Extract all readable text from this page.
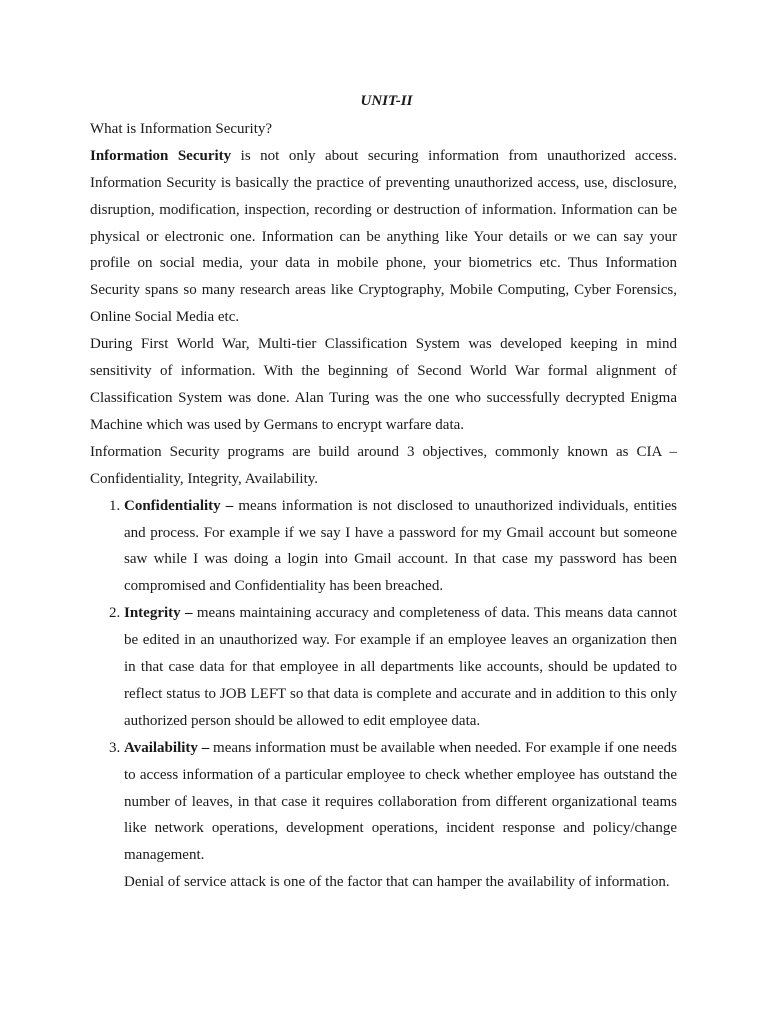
UNIT-II

What is Information Security?

Information Security is not only about securing information from unauthorized access. Information Security is basically the practice of preventing unauthorized access, use, disclosure, disruption, modification, inspection, recording or destruction of information. Information can be physical or electronic one. Information can be anything like Your details or we can say your profile on social media, your data in mobile phone, your biometrics etc. Thus Information Security spans so many research areas like Cryptography, Mobile Computing, Cyber Forensics, Online Social Media etc.

During First World War, Multi-tier Classification System was developed keeping in mind sensitivity of information. With the beginning of Second World War formal alignment of Classification System was done. Alan Turing was the one who successfully decrypted Enigma Machine which was used by Germans to encrypt warfare data.

Information Security programs are build around 3 objectives, commonly known as CIA – Confidentiality, Integrity, Availability.

1. Confidentiality – means information is not disclosed to unauthorized individuals, entities and process. For example if we say I have a password for my Gmail account but someone saw while I was doing a login into Gmail account. In that case my password has been compromised and Confidentiality has been breached.
2. Integrity – means maintaining accuracy and completeness of data. This means data cannot be edited in an unauthorized way. For example if an employee leaves an organization then in that case data for that employee in all departments like accounts, should be updated to reflect status to JOB LEFT so that data is complete and accurate and in addition to this only authorized person should be allowed to edit employee data.
3. Availability – means information must be available when needed. For example if one needs to access information of a particular employee to check whether employee has outstand the number of leaves, in that case it requires collaboration from different organizational teams like network operations, development operations, incident response and policy/change management.

Denial of service attack is one of the factor that can hamper the availability of information.
